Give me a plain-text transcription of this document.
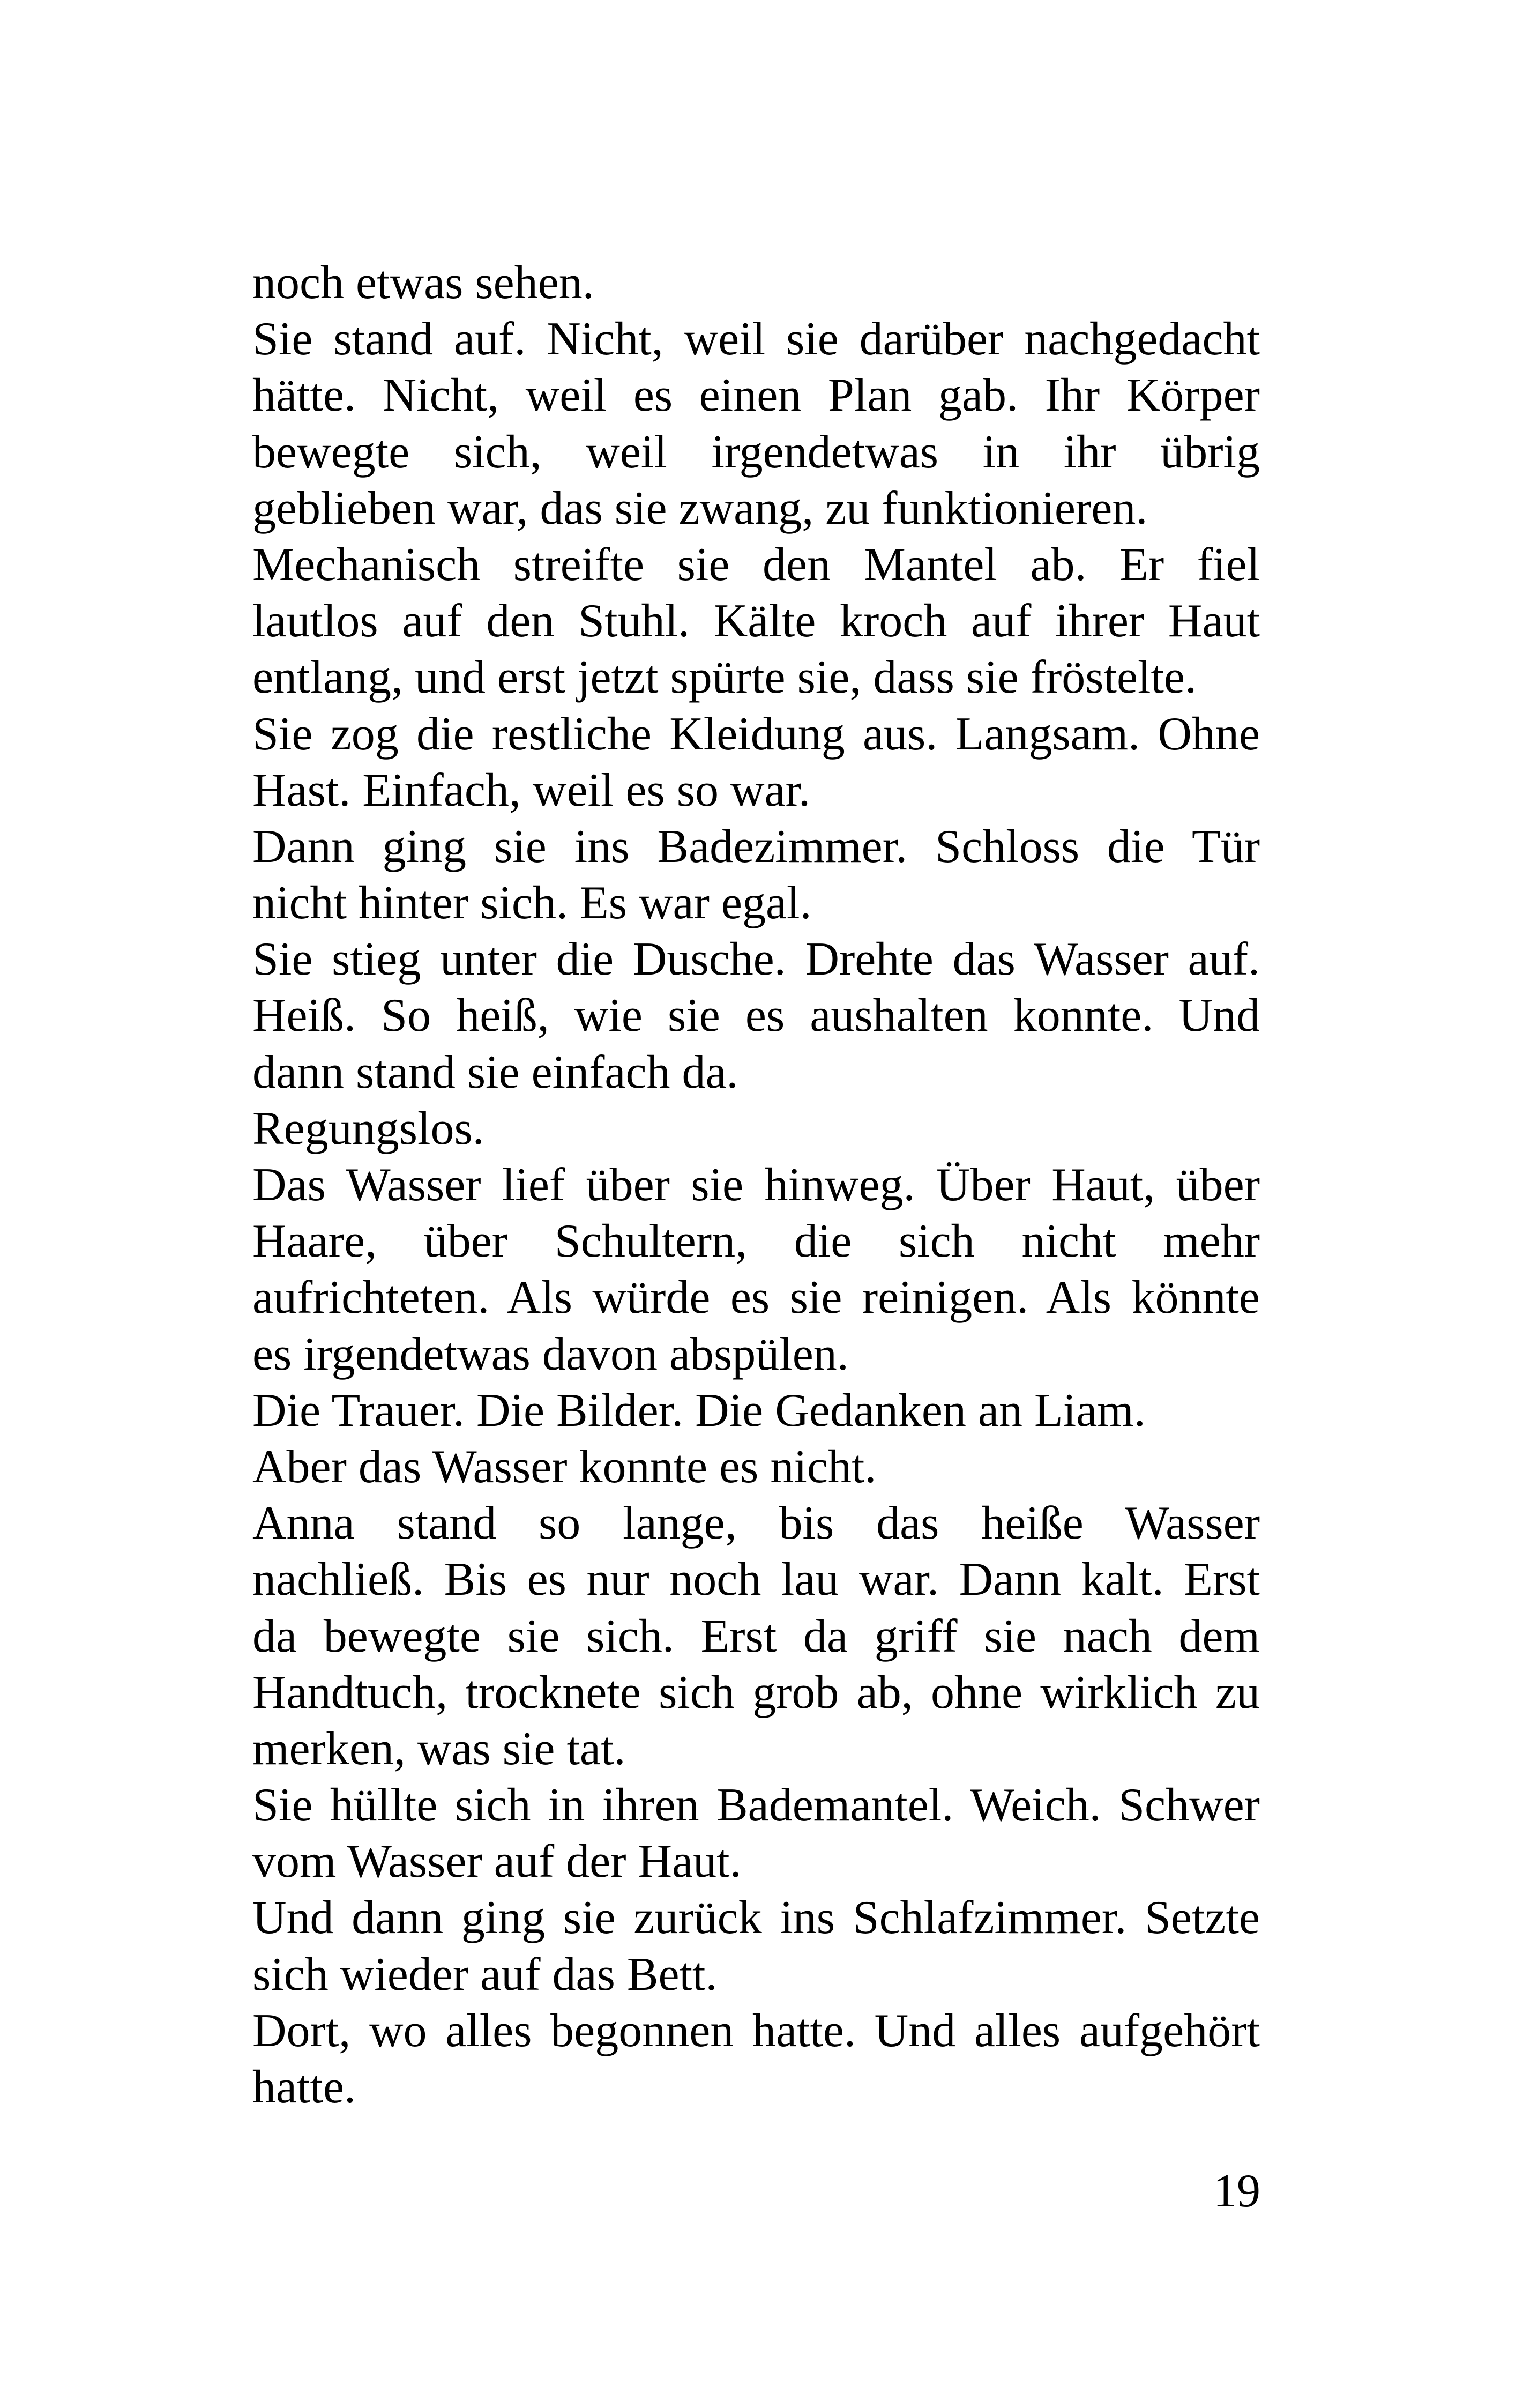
noch etwas sehen.
Sie stand auf. Nicht, weil sie darüber nachgedacht
hätte. Nicht, weil es einen Plan gab. Ihr Körper
bewegte sich, weil irgendetwas in ihr übrig
geblieben war, das sie zwang, zu funktionieren.
Mechanisch streifte sie den Mantel ab. Er fiel
lautlos auf den Stuhl. Kälte kroch auf ihrer Haut
entlang, und erst jetzt spürte sie, dass sie fröstelte.
Sie zog die restliche Kleidung aus. Langsam. Ohne
Hast. Einfach, weil es so war.
Dann ging sie ins Badezimmer. Schloss die Tür
nicht hinter sich. Es war egal.
Sie stieg unter die Dusche. Drehte das Wasser auf.
Heiß. So heiß, wie sie es aushalten konnte. Und
dann stand sie einfach da.
Regungslos.
Das Wasser lief über sie hinweg. Über Haut, über
Haare, über Schultern, die sich nicht mehr
aufrichteten. Als würde es sie reinigen. Als könnte
es irgendetwas davon abspülen.
Die Trauer. Die Bilder. Die Gedanken an Liam.
Aber das Wasser konnte es nicht.
Anna stand so lange, bis das heiße Wasser
nachließ. Bis es nur noch lau war. Dann kalt. Erst
da bewegte sie sich. Erst da griff sie nach dem
Handtuch, trocknete sich grob ab, ohne wirklich zu
merken, was sie tat.
Sie hüllte sich in ihren Bademantel. Weich. Schwer
vom Wasser auf der Haut.
Und dann ging sie zurück ins Schlafzimmer. Setzte
sich wieder auf das Bett.
Dort, wo alles begonnen hatte. Und alles aufgehört
hatte.
19
